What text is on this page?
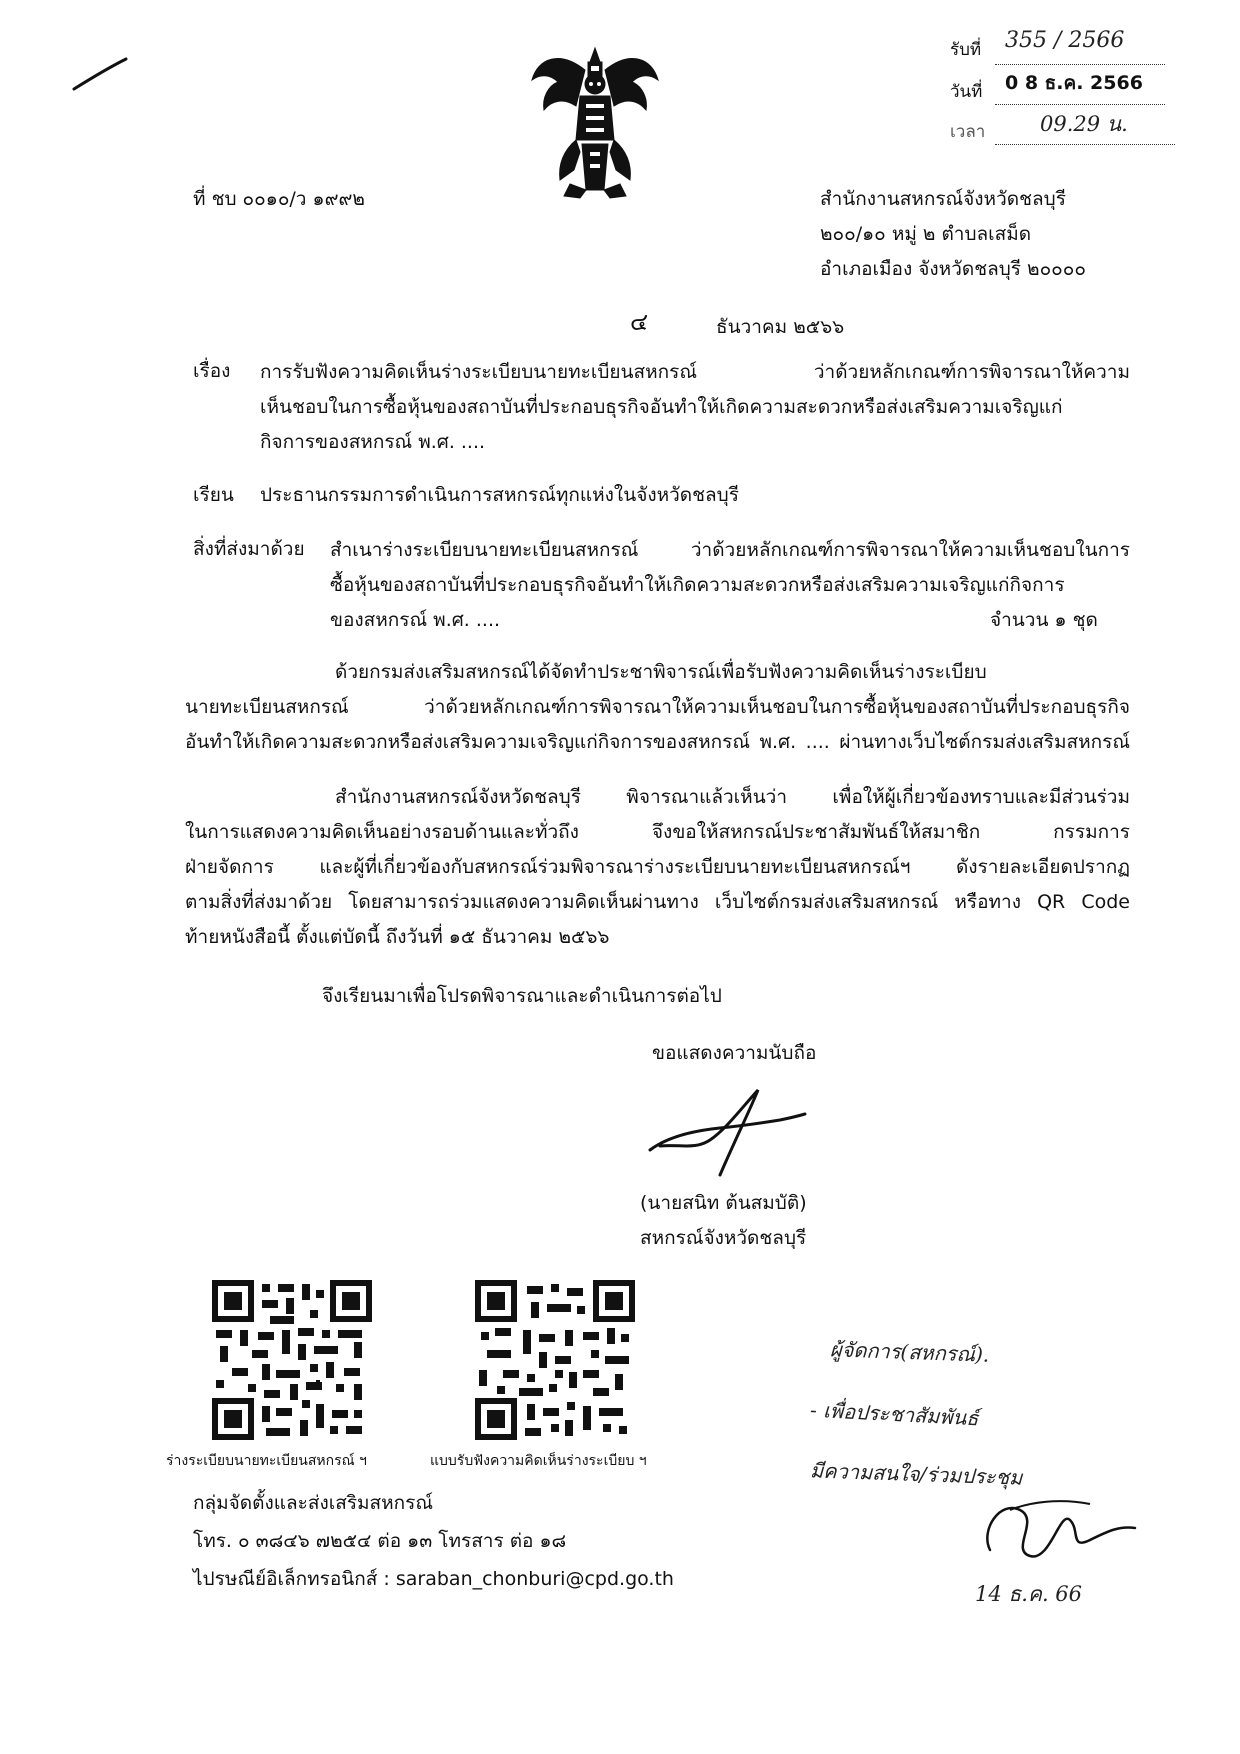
รับที่ 355 / 2566
วันที่ 0 8 ธ.ค. 2566
เวลา	09.29 น.
ที่ ชบ ๐๐๑๐/ว ๑๙๙๒	สำนักงานสหกรณ์จังหวัดชลบุรี
๒๐๐/๑๐ หมู่ ๒ ตำบลเสม็ด
อำเภอเมือง จังหวัดชลบุรี ๒๐๐๐๐
๔	ธันวาคม ๒๕๖๖
เรื่อง การรับฟังความคิดเห็นร่างระเบียบนายทะเบียนสหกรณ์ ว่าด้วยหลักเกณฑ์การพิจารณาให้ความ
เห็นชอบในการซื้อหุ้นของสถาบันที่ประกอบธุรกิจอันทำให้เกิดความสะดวกหรือส่งเสริมความเจริญแก่
กิจการของสหกรณ์ พ.ศ. ....
เรียน ประธานกรรมการดำเนินการสหกรณ์ทุกแห่งในจังหวัดชลบุรี
สิ่งที่ส่งมาด้วย สำเนาร่างระเบียบนายทะเบียนสหกรณ์ ว่าด้วยหลักเกณฑ์การพิจารณาให้ความเห็นชอบในการ
ซื้อหุ้นของสถาบันที่ประกอบธุรกิจอันทำให้เกิดความสะดวกหรือส่งเสริมความเจริญแก่กิจการ
ของสหกรณ์ พ.ศ. ....	จำนวน ๑ ชุด
ด้วยกรมส่งเสริมสหกรณ์ได้จัดทำประชาพิจารณ์เพื่อรับฟังความคิดเห็นร่างระเบียบ
นายทะเบียนสหกรณ์ ว่าด้วยหลักเกณฑ์การพิจารณาให้ความเห็นชอบในการซื้อหุ้นของสถาบันที่ประกอบธุรกิจ
อันทำให้เกิดความสะดวกหรือส่งเสริมความเจริญแก่กิจการของสหกรณ์ พ.ศ. .... ผ่านทางเว็บไซต์กรมส่งเสริมสหกรณ์
สำนักงานสหกรณ์จังหวัดชลบุรี พิจารณาแล้วเห็นว่า เพื่อให้ผู้เกี่ยวข้องทราบและมีส่วนร่วม
ในการแสดงความคิดเห็นอย่างรอบด้านและทั่วถึง จึงขอให้สหกรณ์ประชาสัมพันธ์ให้สมาชิก กรรมการ
ฝ่ายจัดการ และผู้ที่เกี่ยวข้องกับสหกรณ์ร่วมพิจารณาร่างระเบียบนายทะเบียนสหกรณ์ฯ ดังรายละเอียดปรากฏ
ตามสิ่งที่ส่งมาด้วย โดยสามารถร่วมแสดงความคิดเห็นผ่านทาง เว็บไซต์กรมส่งเสริมสหกรณ์ หรือทาง QR Code
ท้ายหนังสือนี้ ตั้งแต่บัดนี้ ถึงวันที่ ๑๕ ธันวาคม ๒๕๖๖
จึงเรียนมาเพื่อโปรดพิจารณาและดำเนินการต่อไป
ขอแสดงความนับถือ
(นายสนิท ต้นสมบัติ)
สหกรณ์จังหวัดชลบุรี
ร่างระเบียบนายทะเบียนสหกรณ์ ฯ	แบบรับฟังความคิดเห็นร่างระเบียบ ฯ
กลุ่มจัดตั้งและส่งเสริมสหกรณ์
โทร. ๐ ๓๘๔๖ ๗๒๕๔ ต่อ ๑๓ โทรสาร ต่อ ๑๘
ไปรษณีย์อิเล็กทรอนิกส์ : saraban_chonburi@cpd.go.th
ผู้จัดการ(สหกรณ์).
- เพื่อประชาสัมพันธ์
มีความสนใจ/ร่วมประชุม
14 ธ.ค. 66
